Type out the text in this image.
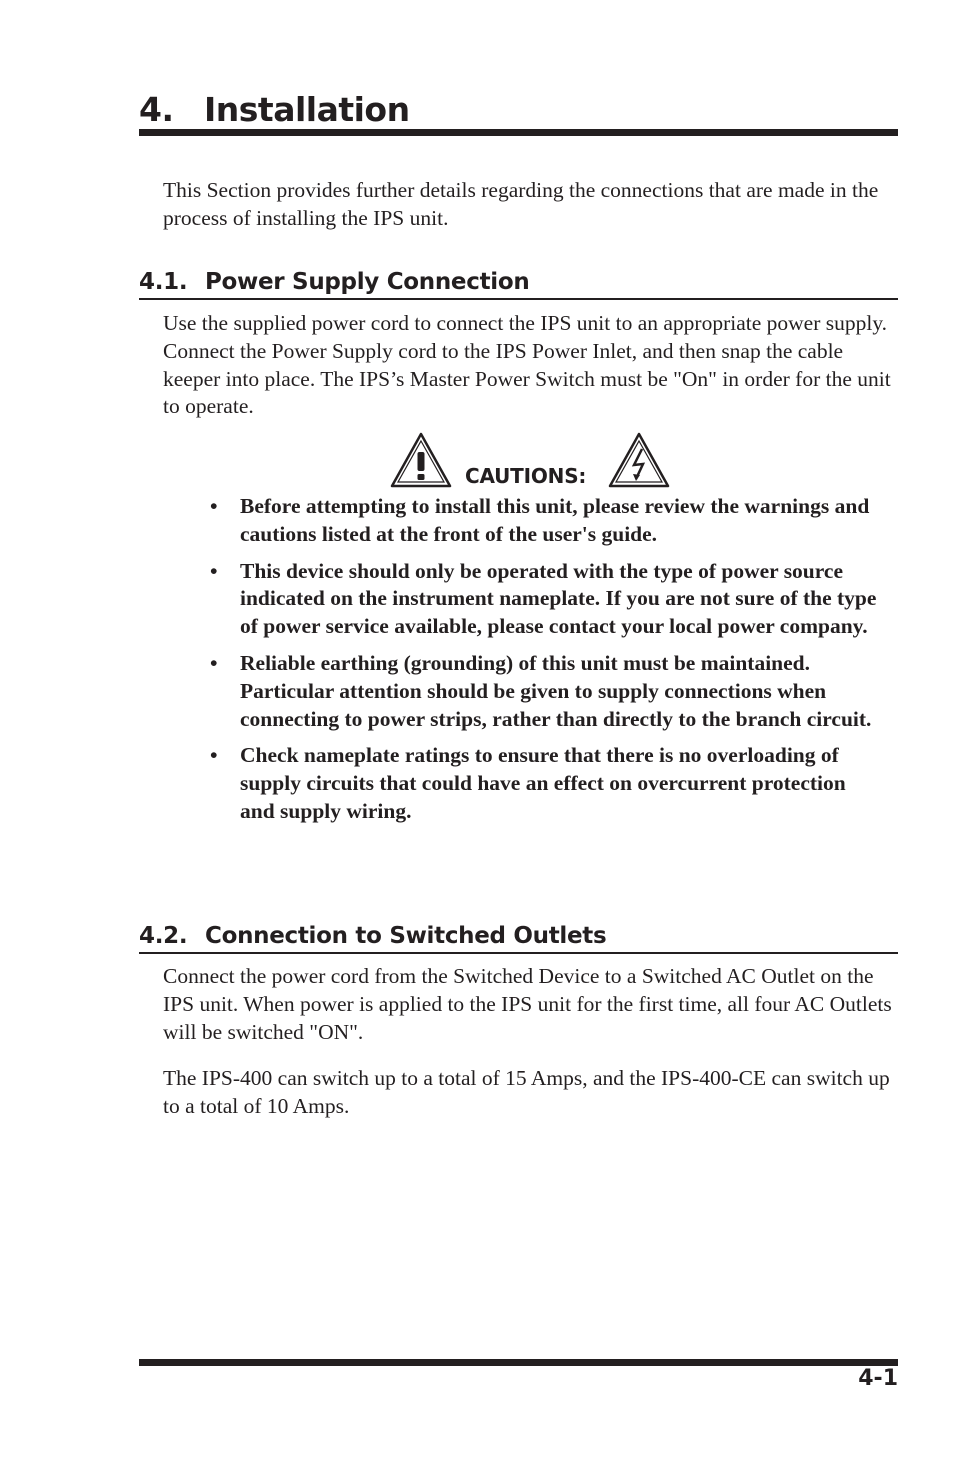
4. Installation

This Section provides further details regarding the connections that are made in the process of installing the IPS unit.

4.1. Power Supply Connection

Use the supplied power cord to connect the IPS unit to an appropriate power supply. Connect the Power Supply cord to the IPS Power Inlet, and then snap the cable keeper into place. The IPS’s Master Power Switch must be "On" in order for the unit to operate.

CAUTIONS:
• Before attempting to install this unit, please review the warnings and cautions listed at the front of the user's guide.
• This device should only be operated with the type of power source indicated on the instrument nameplate. If you are not sure of the type of power service available, please contact your local power company.
• Reliable earthing (grounding) of this unit must be maintained. Particular attention should be given to supply connections when connecting to power strips, rather than directly to the branch circuit.
• Check nameplate ratings to ensure that there is no overloading of supply circuits that could have an effect on overcurrent protection and supply wiring.
4.2. Connection to Switched Outlets

Connect the power cord from the Switched Device to a Switched AC Outlet on the IPS unit. When power is applied to the IPS unit for the first time, all four AC Outlets will be switched "ON".

The IPS-400 can switch up to a total of 15 Amps, and the IPS-400-CE can switch up to a total of 10 Amps.

4-1
